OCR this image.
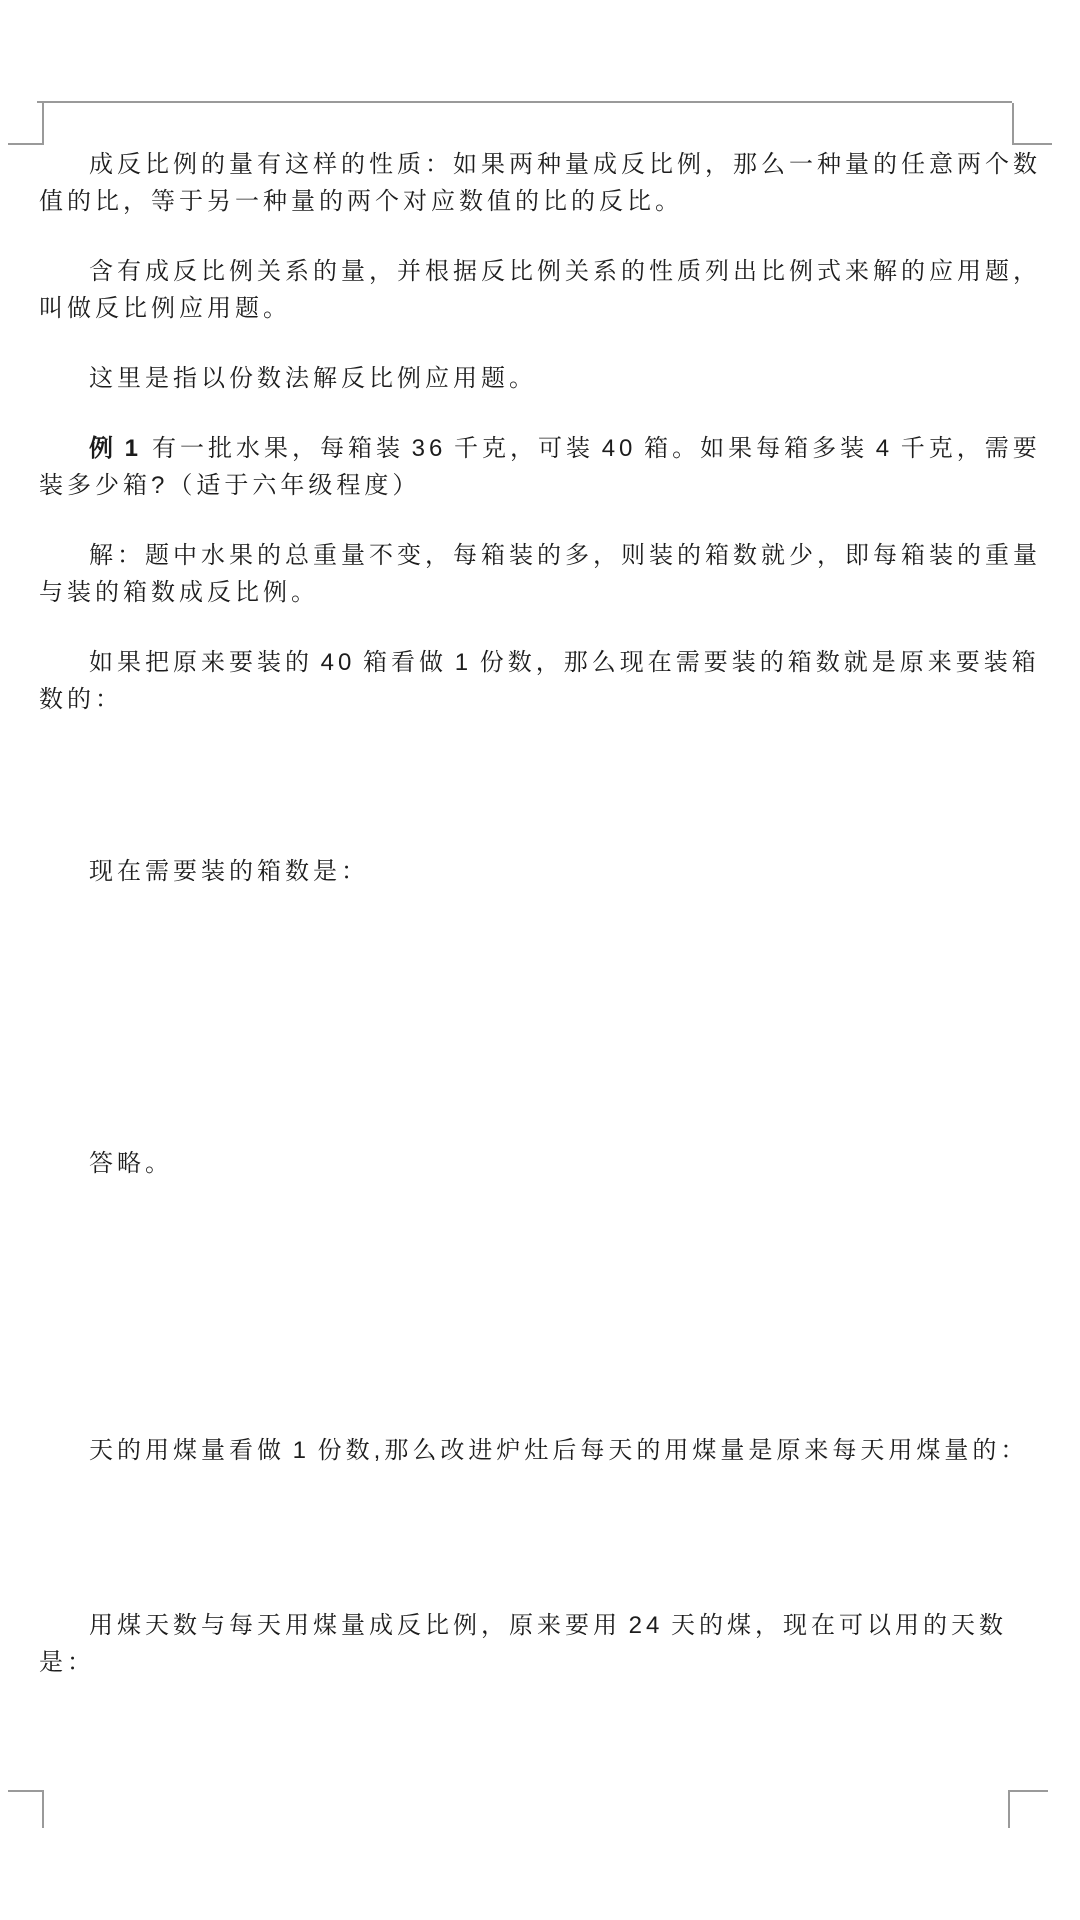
成反比例的量有这样的性质：如果两种量成反比例，那么一种量的任意两个数值的比，等于另一种量的两个对应数值的比的反比。

含有成反比例关系的量，并根据反比例关系的性质列出比例式来解的应用题，叫做反比例应用题。

这里是指以份数法解反比例应用题。

例 1 有一批水果，每箱装 36 千克，可装 40 箱。如果每箱多装 4 千克，需要装多少箱?（适于六年级程度）

解：题中水果的总重量不变，每箱装的多，则装的箱数就少，即每箱装的重量与装的箱数成反比例。

如果把原来要装的 40 箱看做 1 份数，那么现在需要装的箱数就是原来要装箱数的：

现在需要装的箱数是：

答略。

天的用煤量看做 1 份数,那么改进炉灶后每天的用煤量是原来每天用煤量的：

用煤天数与每天用煤量成反比例，原来要用 24 天的煤，现在可以用的天数是：
